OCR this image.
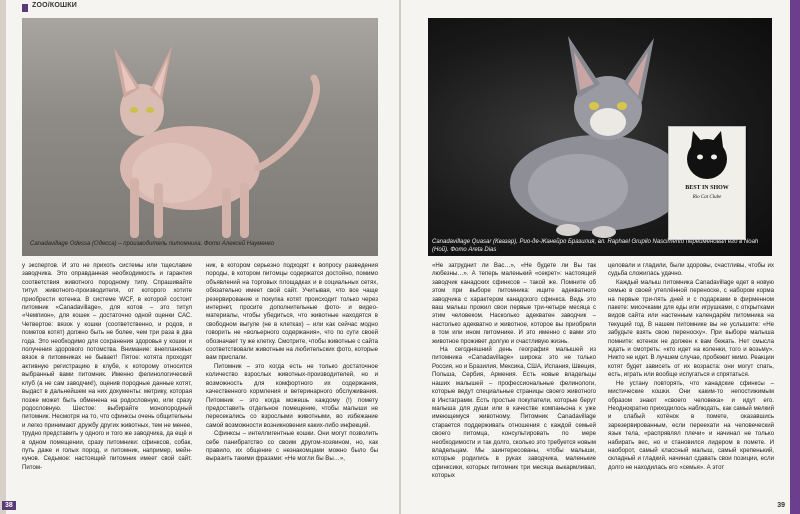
ZOO/КОШКИ
Canadavillage Odessa (Одесса) – производитель питомника. Фото Алексей Науменко

у экспертов. И это не прихоть системы или тщеславие заводчика. Это оправданная необходимость и гарантия соответствия животного породному типу. Спрашивайте титул животного-производителя, от которого хотите приобрести котенка. В системе WCF, в которой состоит питомник «Canadavillage», для котов – это титул «Чемпион», для кошек – достаточно одной оценки САС. Четвертое: вязок у кошки (соответственно, и родов, и пометов котят) должно быть не более, чем три раза в два года. Это необходимо для сохранения здоровья у кошки и получения здорового потомства. Внимание: внеплановых вязок в питомниках не бывает! Пятое: котята проходят активную регистрацию в клубе, к которому относится выбранный вами питомник. Именно фелинологический клуб (а не сам заводчик!), оценив породные данные котят, выдаст в дальнейшем на них документы: метрику, которая позже может быть обменена на родословную, или сразу родословную. Шестое: выбирайте монопородный питомник. Несмотря на то, что сфинксы очень общительны и легко принимают дружбу других животных, тем не менее, трудно представить у одного и того же заводчика, да ещё и в одном помещении, сразу питомники: сфинксов, собак, путь даже и голых пород, и питомник, например, мейн-кунов. Седьмое: настоящий питомник имеет свой сайт. Питом-

ник, в котором серьезно подходят к вопросу разведения породы, в котором питомцы содержатся достойно, помимо объявлений на торговых площадках и в социальных сетях, обязательно имеет свой сайт. Учитывая, что все чаще резервирование и покупка котят происходит только через интернет, просите дополнительные фото- и видео- материалы, чтобы убедиться, что животные находятся в свободном выгуле (не в клетках) – или как сейчас модно говорить не «вольерного содержания», что по сути своей обозначает ту же клетку. Смотрите, чтобы животные с сайта соответствовали животным на любительских фото, которые вам прислали.

Питомник – это когда есть не только достаточное количество взрослых животных-производителей, но и возможность для комфортного их содержания, качественного кормления и ветеринарного обслуживания. Питомник – это когда можешь каждому (!) помету предоставить отдельное помещение, чтобы малыши не пересекались со взрослыми животными, во избежание самой возможности возникновения каких-либо инфекций.

Сфинксы – интеллигентные кошки. Они могут позволить себе панибратство со своим другом-хозяином, но, как правило, их общение с незнакомцами можно было бы выразить такими фразами: «Не могли бы Вы…»,

38
BEST IN SHOW
Rio Cat Clube
Canadavillage Quasar (Квазар), Рио-де-Жанейро Бразилия, вл. Raphael Grupilo Nascimento переименовал его в Noah (Ной). Фото Areta Dias

«Не затруднит ли Вас…», «Не будете ли Вы так любезны…». А теперь маленький «секрет»: настоящий заводчик канадских сфинксов – такой же. Помните об этом при выборе питомника: ищите адекватного заводчика с характером канадского сфинкса. Ведь это ваш малыш прожил свои первые три-четыре месяца с этим человеком. Насколько адекватен заводчик – настолько адекватно и животное, которое вы приобрели в том или ином питомнике. И это именно с вами это животное проживет долгую и счастливую жизнь.

На сегодняшний день география малышей из питомника «Canadavillage» широка: это не только Россия, но и Бразилия, Мексика, США, Испания, Швеция, Польша, Сербия, Армения. Есть новые владельцы наших малышей – профессиональные фелинологи, которые ведут специальные страницы своего животного в Инстаграмм. Есть простые покупатели, которые берут малыша для души или в качестве компаньона к уже имеющемуся животному. Питомник Canadavillage старается поддерживать отношения с каждой семьей своего питомца, консультировать по мере необходимости и так долго, сколько это требуется новым владельцам. Мы заинтересованы, чтобы малыши, которые родились в руках заводчика, маленькие сфинксики, которых питомник три месяца выкармливал, которых

целовали и гладили, были здоровы, счастливы, чтобы их судьба сложилась удачно.

Каждый малыш питомника Canadavillage едет в новую семью в своей утеплённой переноске, с набором корма на первые три-пять дней и с подарками в фирменном пакете: мисочками для еды или игрушками, с открытками видов сайта или настенным календарём питомника на текущий год. В нашем питомнике вы не услышите: «Не забудьте взять свою переноску». При выборе малыша помните: котенок не должен к вам бежать. Нет смысла ждать и смотреть: «кто идет на коленки, того и возьму». Никто не идет. В лучшем случае, пробежит мимо. Реакции котят будет зависеть от их возраста: они могут спать, есть, играть или вообще испугаться и спрятаться.

Не устану повторять, что канадские сфинксы – мистические кошки. Они каким-то непостижимым образом знают «своего человека» и идут его. Неоднократно приходилось наблюдать, как самый мелкий и слабый котёнок в помете, оказавшись зарезервированным, если переехати на человеческий язык тела, «распрявлял плечи» и начинал не только набирать вес, но и становился лидером в помете. И наоборот, самый классный малыш, самый крепенький, складный и гладкий, начинал сдавать свои позиции, если долго не находилась его «семья». А этот

39
